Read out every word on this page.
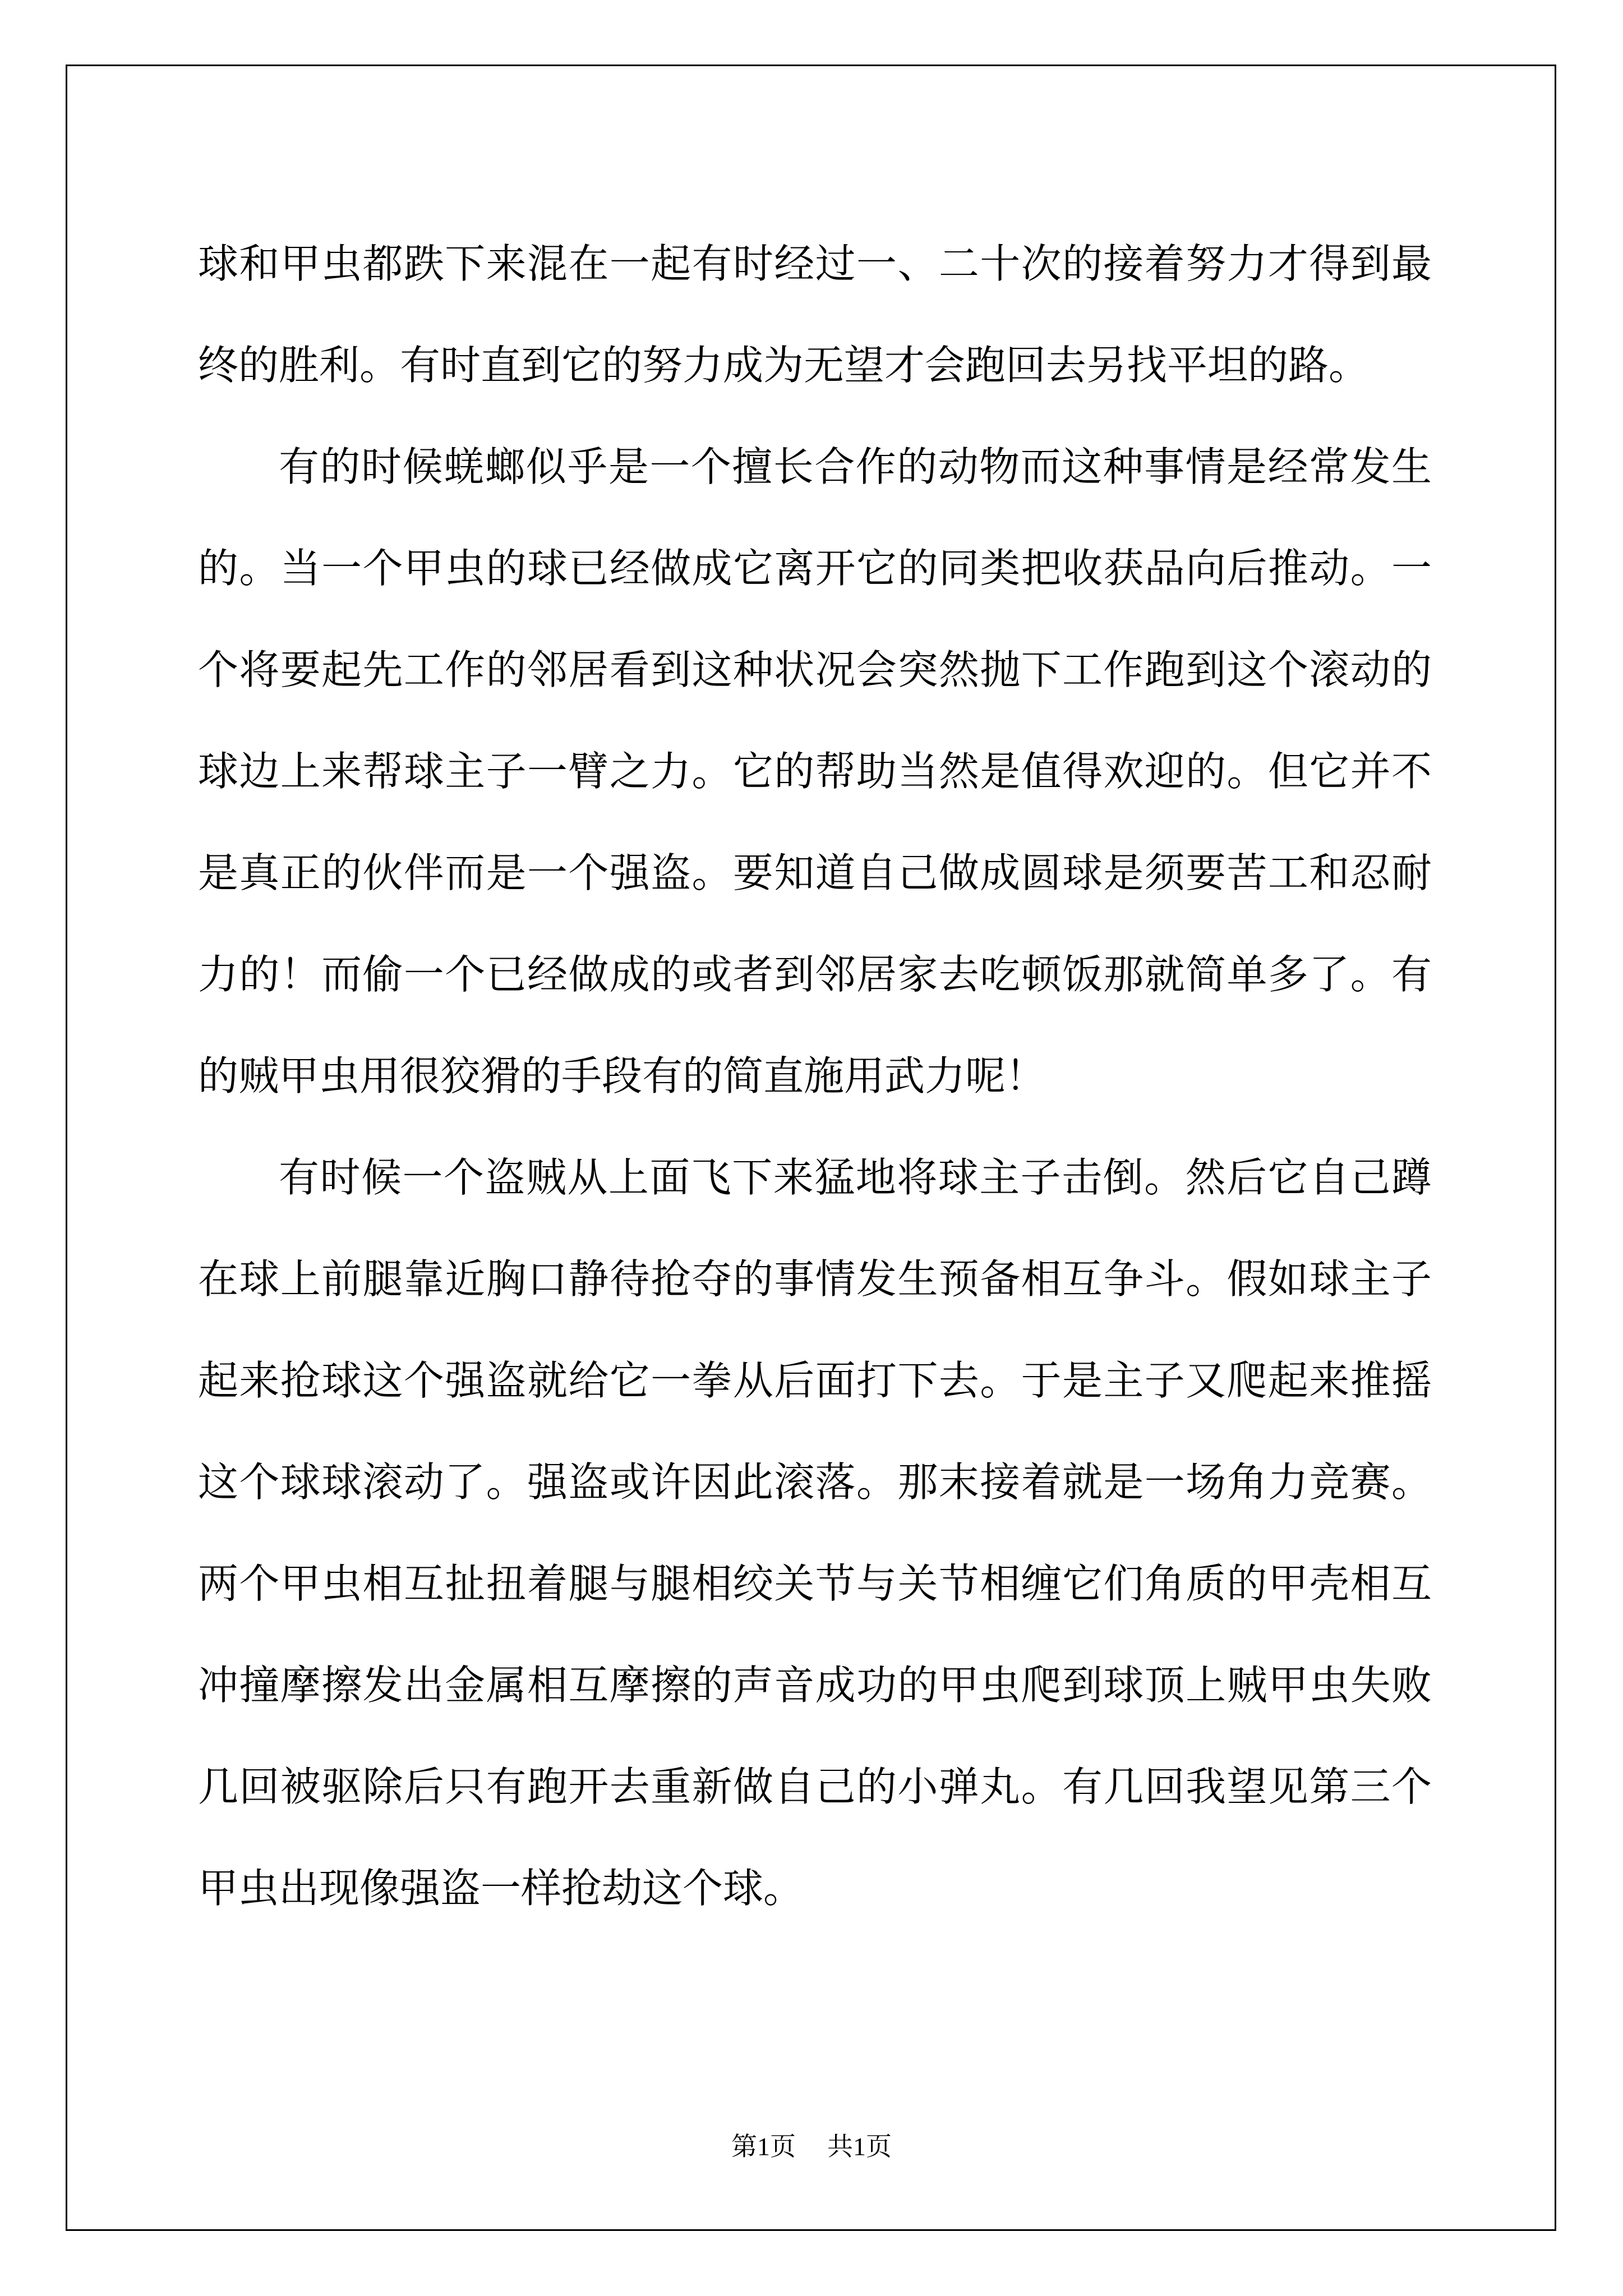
球和甲虫都跌下来混在一起有时经过一、二十次的接着努力才得到最终的胜利。有时直到它的努力成为无望才会跑回去另找平坦的路。

有的时候蜣螂似乎是一个擅长合作的动物而这种事情是经常发生的。当一个甲虫的球已经做成它离开它的同类把收获品向后推动。一个将要起先工作的邻居看到这种状况会突然抛下工作跑到这个滚动的球边上来帮球主子一臂之力。它的帮助当然是值得欢迎的。但它并不是真正的伙伴而是一个强盗。要知道自己做成圆球是须要苦工和忍耐力的！而偷一个已经做成的或者到邻居家去吃顿饭那就简单多了。有的贼甲虫用很狡猾的手段有的简直施用武力呢！

有时候一个盗贼从上面飞下来猛地将球主子击倒。然后它自己蹲在球上前腿靠近胸口静待抢夺的事情发生预备相互争斗。假如球主子起来抢球这个强盗就给它一拳从后面打下去。于是主子又爬起来推摇这个球球滚动了。强盗或许因此滚落。那末接着就是一场角力竞赛。两个甲虫相互扯扭着腿与腿相绞关节与关节相缠它们角质的甲壳相互冲撞摩擦发出金属相互摩擦的声音成功的甲虫爬到球顶上贼甲虫失败几回被驱除后只有跑开去重新做自己的小弹丸。有几回我望见第三个甲虫出现像强盗一样抢劫这个球。

第1页 共1页
